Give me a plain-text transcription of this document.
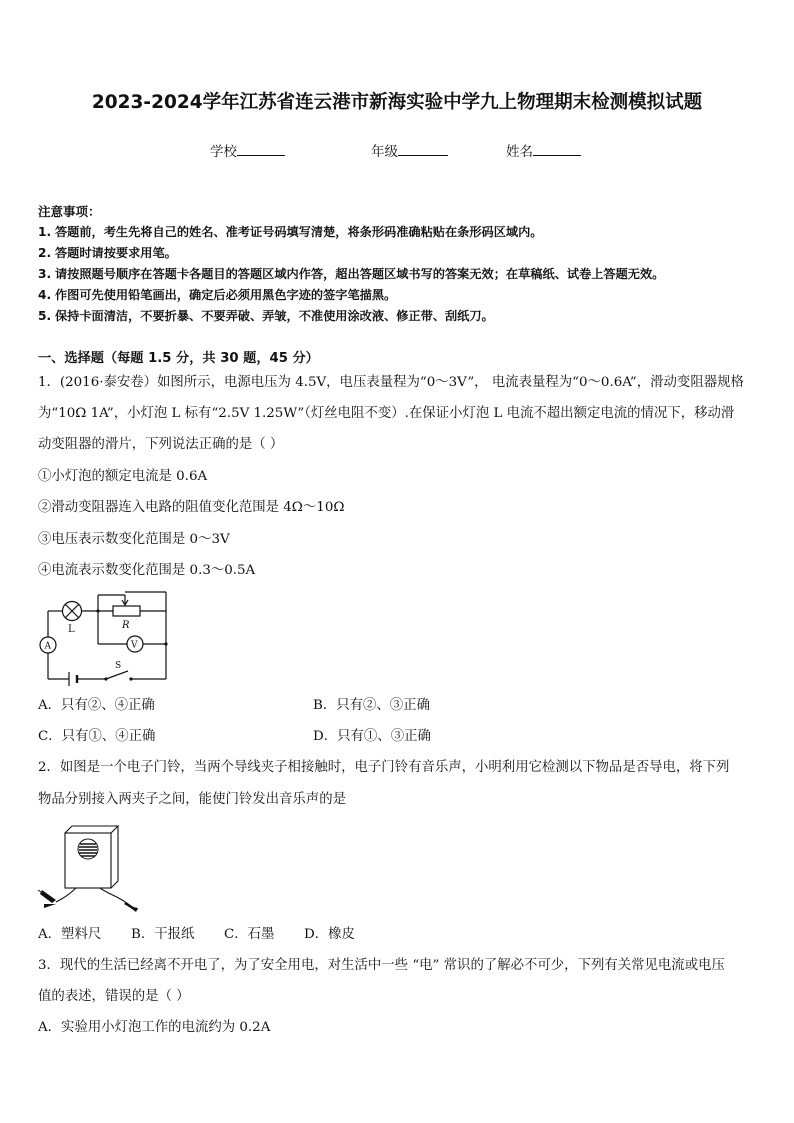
2023-2024学年江苏省连云港市新海实验中学九上物理期末检测模拟试题
学校	年级	姓名
注意事项：
1. 答题前，考生先将自己的姓名、准考证号码填写清楚，将条形码准确粘贴在条形码区域内。
2. 答题时请按要求用笔。
3. 请按照题号顺序在答题卡各题目的答题区域内作答，超出答题区域书写的答案无效；在草稿纸、试卷上答题无效。
4. 作图可先使用铅笔画出，确定后必须用黑色字迹的签字笔描黑。
5. 保持卡面清洁，不要折暴、不要弄破、弄皱，不准使用涂改液、修正带、刮纸刀。
一、选择题（每题 1.5 分，共 30 题，45 分）
1．(2016·泰安卷）如图所示，电源电压为 4.5V，电压表量程为“0～3V”， 电流表量程为“0～0.6A”，滑动变阻器规格
为“10Ω 1A”，小灯泡 L 标有“2.5V 1.25W”（灯丝电阻不变）.在保证小灯泡 L 电流不超出额定电流的情况下，移动滑
动变阻器的滑片，下列说法正确的是（ ）
①小灯泡的额定电流是 0.6A
②滑动变阻器连入电路的阻值变化范围是 4Ω～10Ω
③电压表示数变化范围是 0～3V
④电流表示数变化范围是 0.3～0.5A
L	R
A	V
S
A．只有②、④正确	B．只有②、③正确
C．只有①、④正确	D．只有①、③正确
2．如图是一个电子门铃，当两个导线夹子相接触时，电子门铃有音乐声，小明利用它检测以下物品是否导电，将下列
物品分别接入两夹子之间，能使门铃发出音乐声的是
A．塑料尺 B．干报纸 C．石墨 D．橡皮
3．现代的生活已经离不开电了，为了安全用电，对生活中一些 “电” 常识的了解必不可少，下列有关常见电流或电压
值的表述，错误的是（ ）
A．实验用小灯泡工作的电流约为 0.2A
